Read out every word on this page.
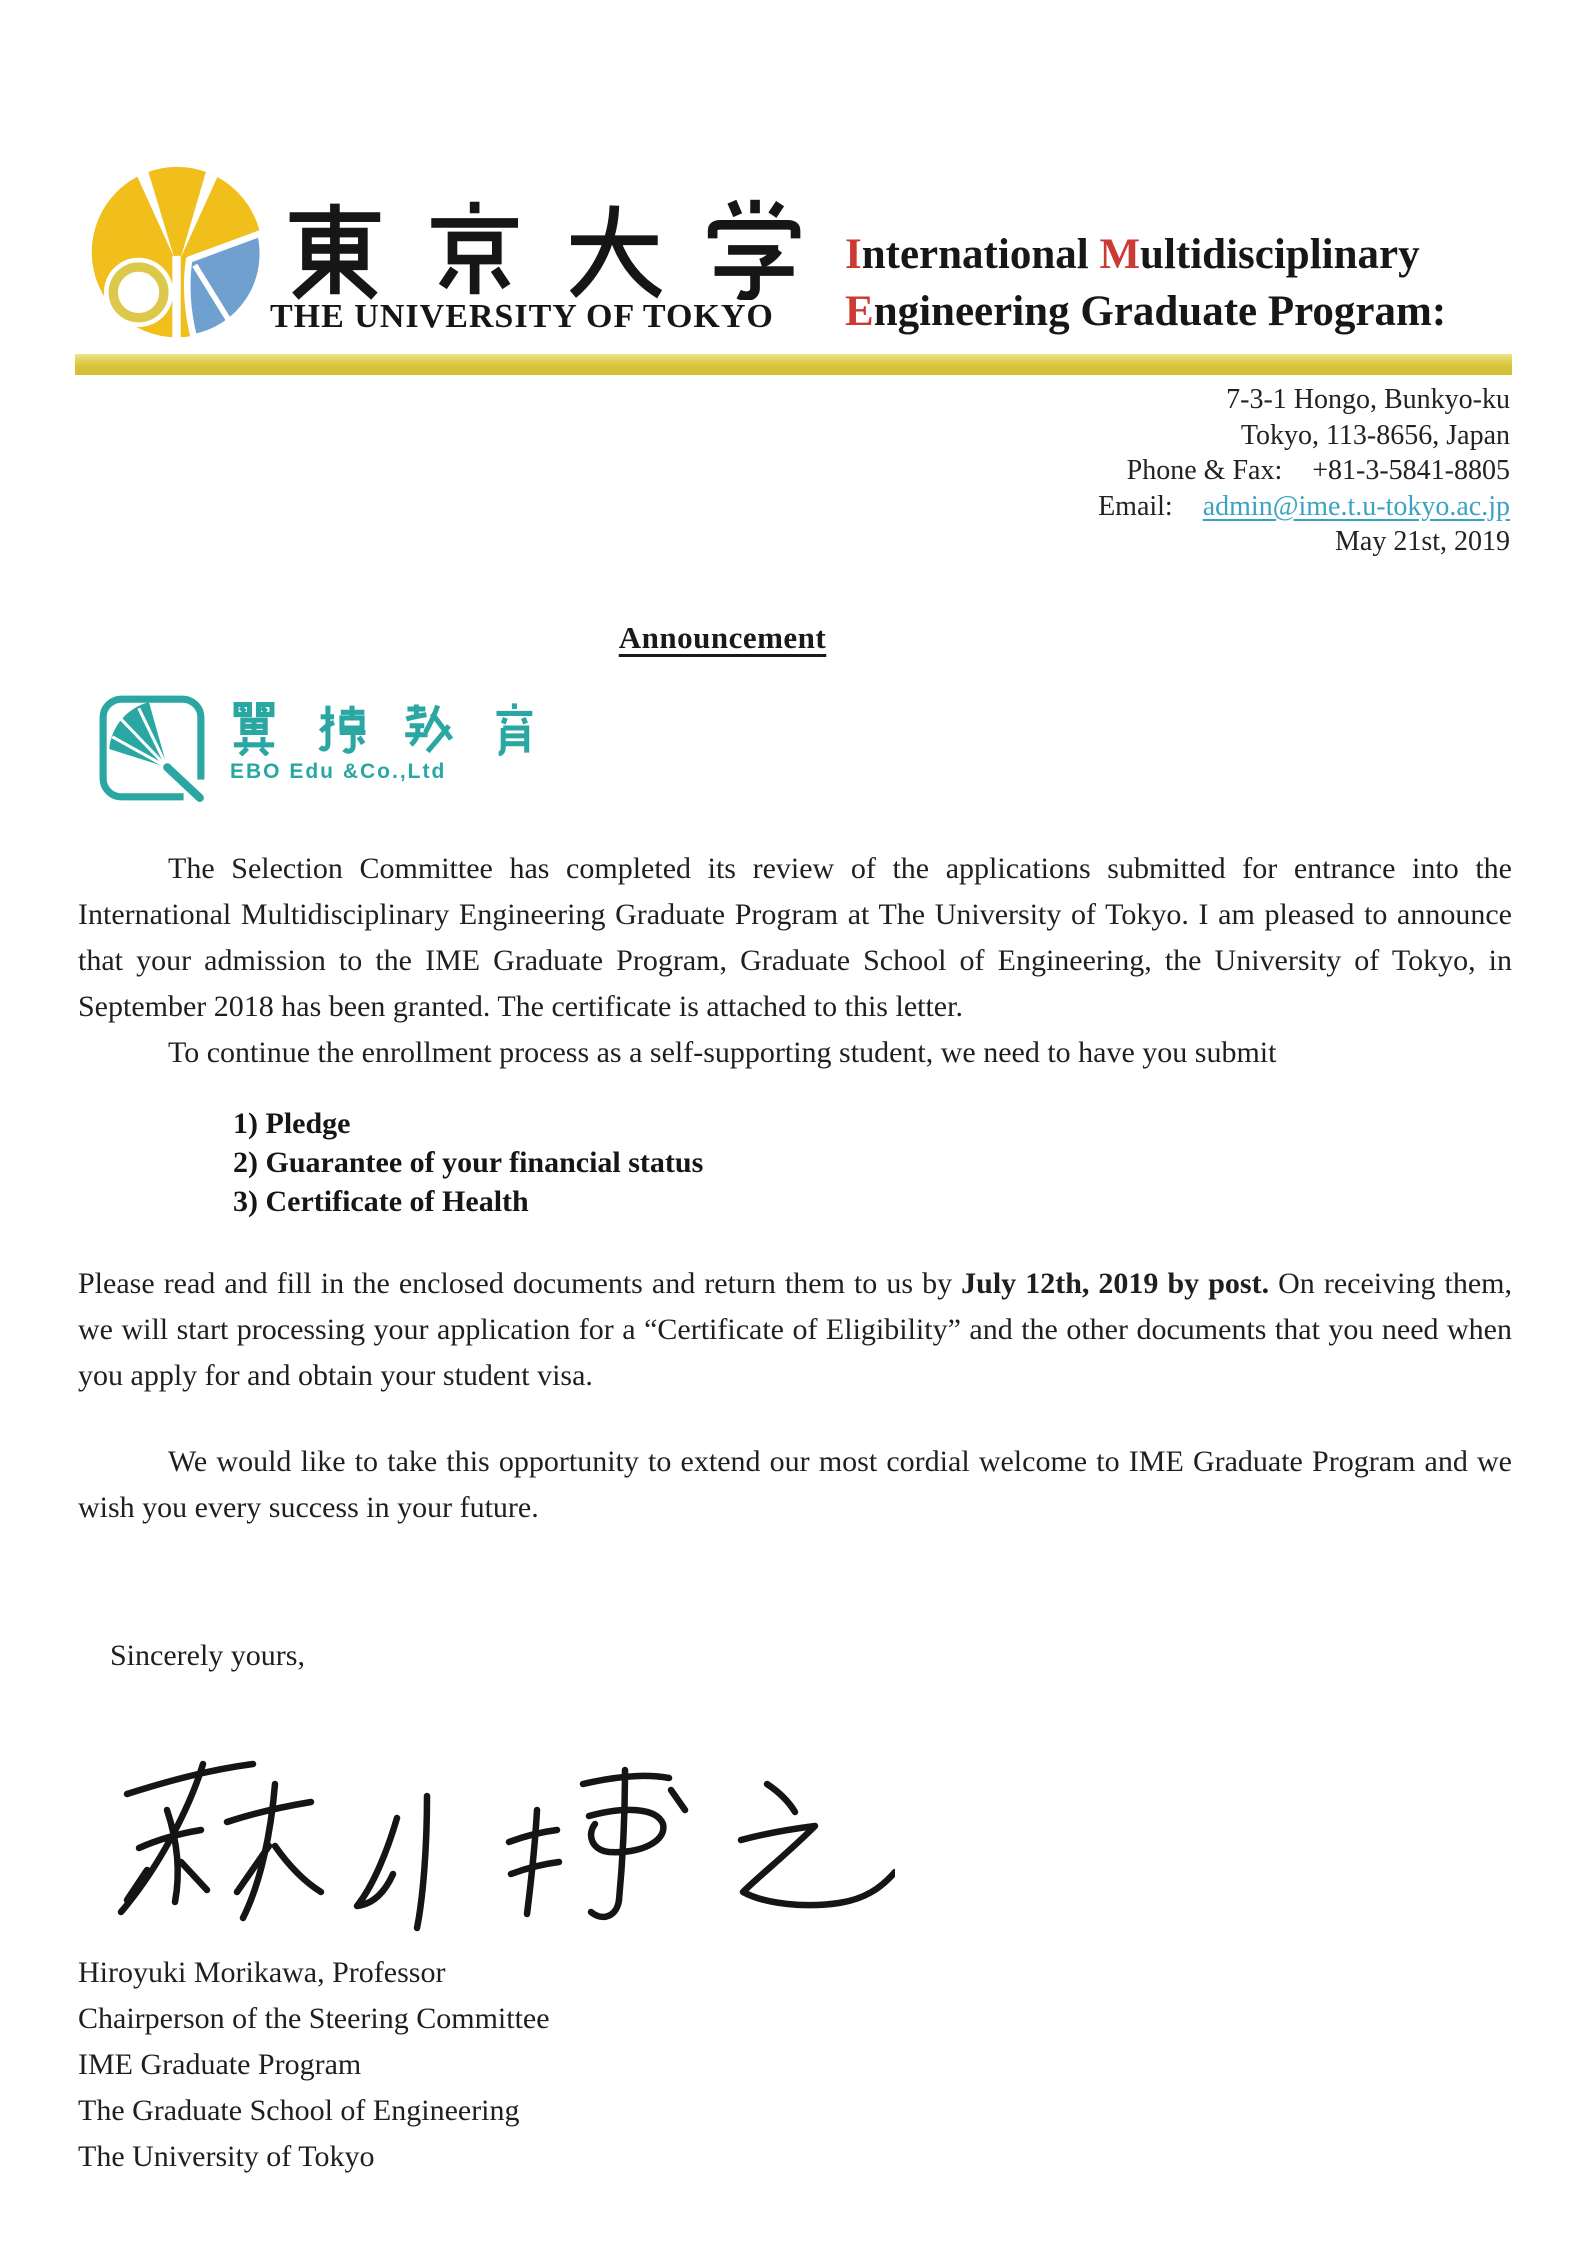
THE UNIVERSITY OF TOKYO
International Multidisciplinary
Engineering Graduate Program:
7-3-1 Hongo, Bunkyo-ku
Tokyo, 113-8656, Japan
Phone & Fax: +81-3-5841-8805
Email: admin@ime.t.u-tokyo.ac.jp
May 21st, 2019
Announcement
EBO Edu &Co.,Ltd

The Selection Committee has completed its review of the applications submitted for entrance into the International Multidisciplinary Engineering Graduate Program at The University of Tokyo. I am pleased to announce that your admission to the IME Graduate Program, Graduate School of Engineering, the University of Tokyo, in September 2018 has been granted. The certificate is attached to this letter.

To continue the enrollment process as a self-supporting student, we need to have you submit

1) Pledge
2) Guarantee of your financial status
3) Certificate of Health

Please read and fill in the enclosed documents and return them to us by July 12th, 2019 by post. On receiving them, we will start processing your application for a “Certificate of Eligibility” and the other documents that you need when you apply for and obtain your student visa.

We would like to take this opportunity to extend our most cordial welcome to IME Graduate Program and we wish you every success in your future.

Sincerely yours,

Hiroyuki Morikawa, Professor
Chairperson of the Steering Committee
IME Graduate Program
The Graduate School of Engineering
The University of Tokyo
